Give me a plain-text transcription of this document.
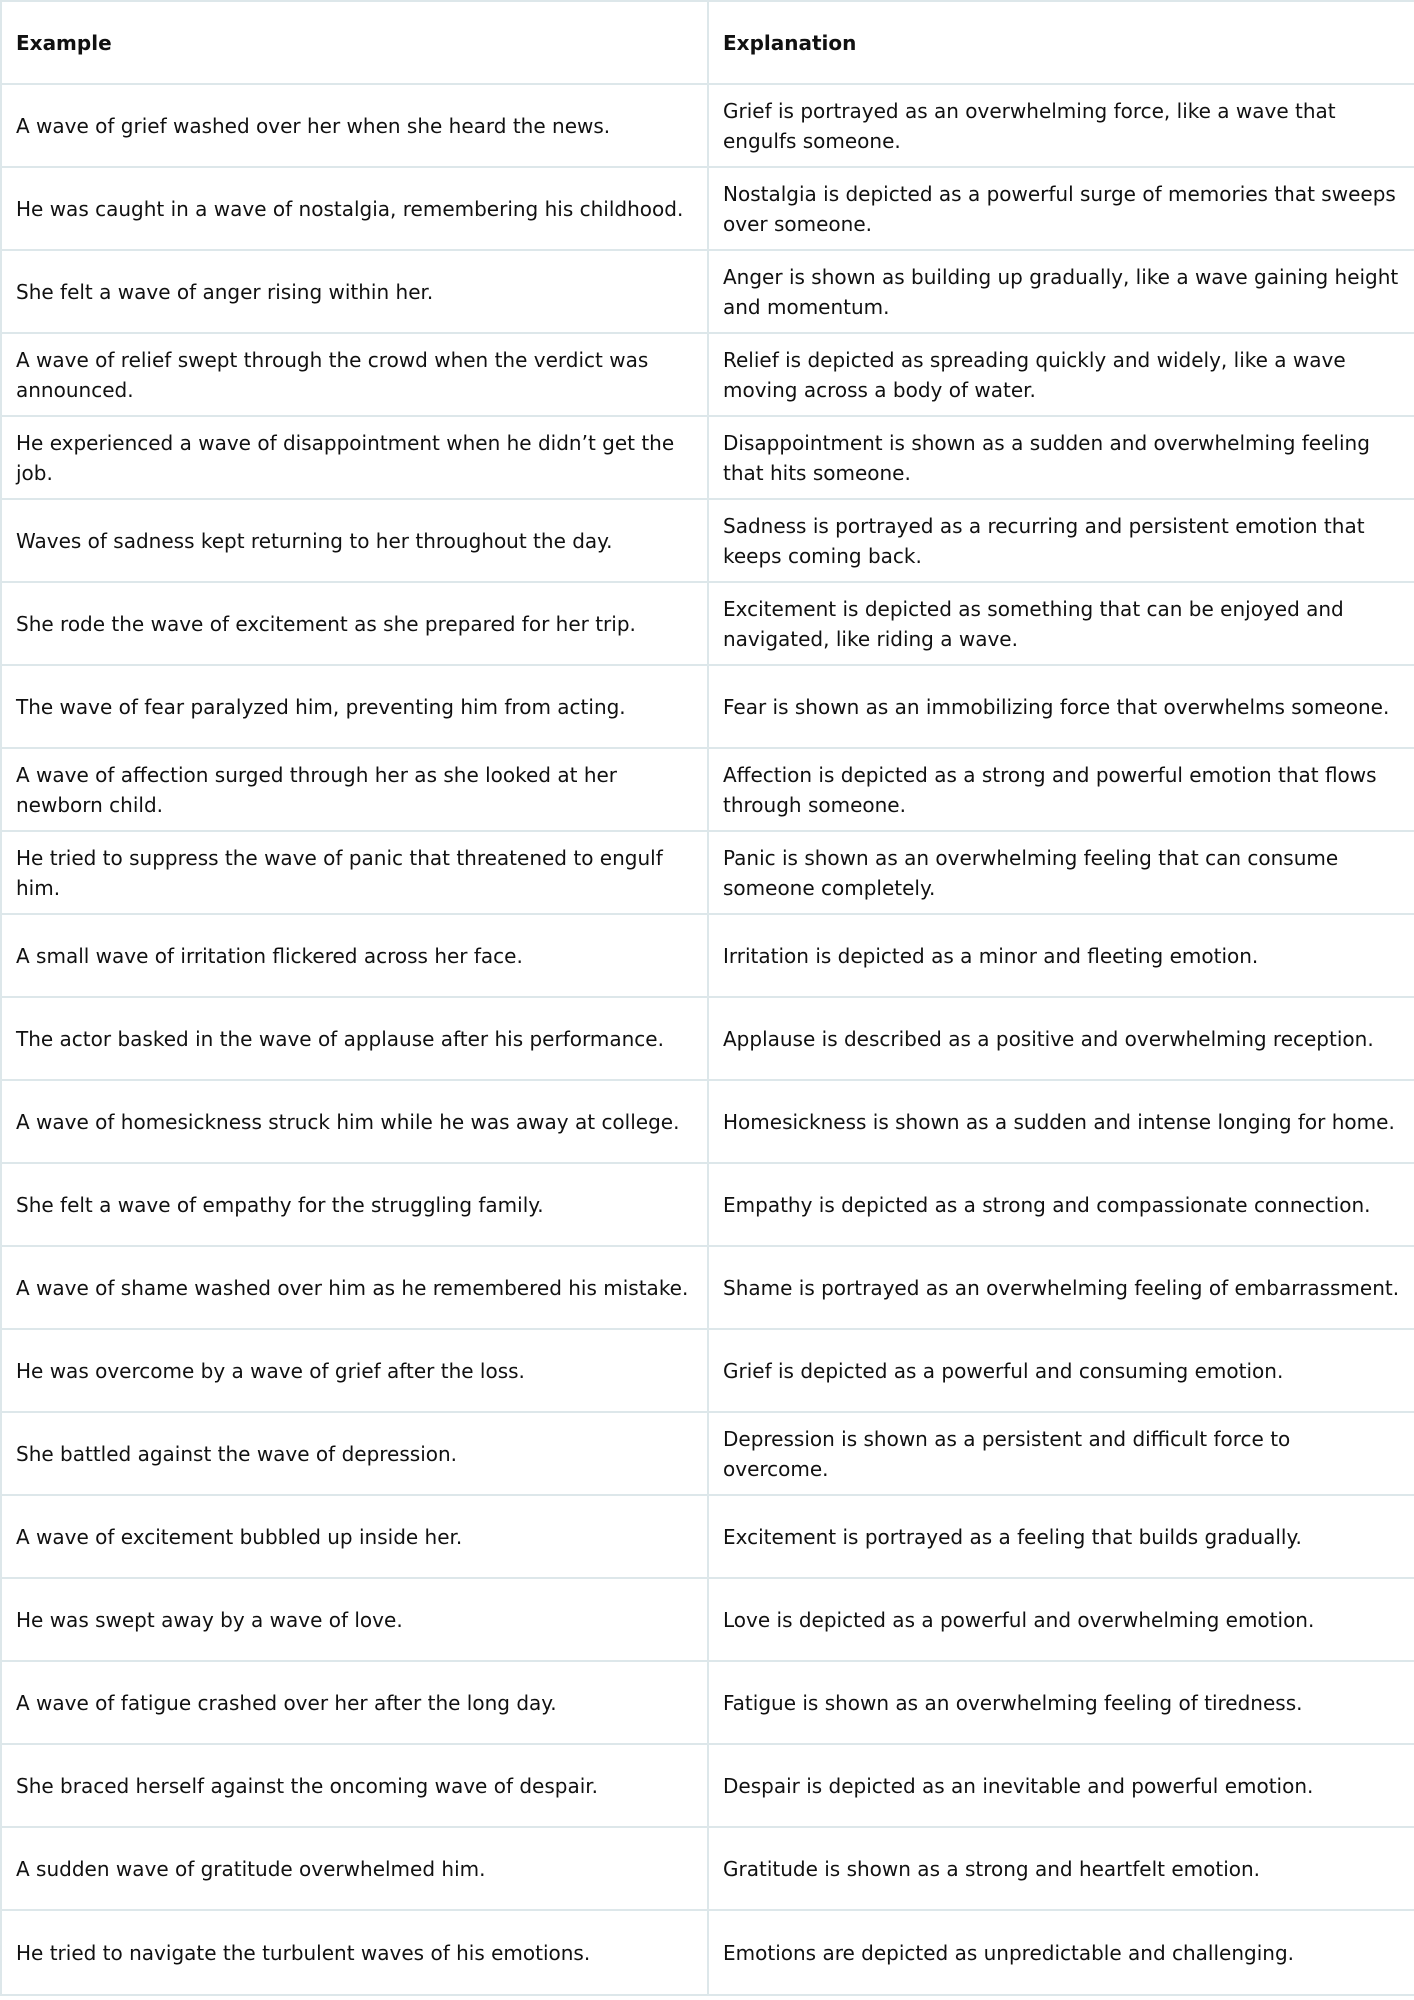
Example	Explanation
A wave of grief washed over her when she heard the news.	Grief is portrayed as an overwhelming force, like a wave that engulfs someone.
He was caught in a wave of nostalgia, remembering his childhood.	Nostalgia is depicted as a powerful surge of memories that sweeps over someone.
She felt a wave of anger rising within her.	Anger is shown as building up gradually, like a wave gaining height and momentum.
A wave of relief swept through the crowd when the verdict was announced.	Relief is depicted as spreading quickly and widely, like a wave moving across a body of water.
He experienced a wave of disappointment when he didn’t get the job.	Disappointment is shown as a sudden and overwhelming feeling that hits someone.
Waves of sadness kept returning to her throughout the day.	Sadness is portrayed as a recurring and persistent emotion that keeps coming back.
She rode the wave of excitement as she prepared for her trip.	Excitement is depicted as something that can be enjoyed and navigated, like riding a wave.
The wave of fear paralyzed him, preventing him from acting.	Fear is shown as an immobilizing force that overwhelms someone.
A wave of affection surged through her as she looked at her newborn child.	Affection is depicted as a strong and powerful emotion that flows through someone.
He tried to suppress the wave of panic that threatened to engulf him.	Panic is shown as an overwhelming feeling that can consume someone completely.
A small wave of irritation flickered across her face.	Irritation is depicted as a minor and fleeting emotion.
The actor basked in the wave of applause after his performance.	Applause is described as a positive and overwhelming reception.
A wave of homesickness struck him while he was away at college.	Homesickness is shown as a sudden and intense longing for home.
She felt a wave of empathy for the struggling family.	Empathy is depicted as a strong and compassionate connection.
A wave of shame washed over him as he remembered his mistake.	Shame is portrayed as an overwhelming feeling of embarrassment.
He was overcome by a wave of grief after the loss.	Grief is depicted as a powerful and consuming emotion.
She battled against the wave of depression.	Depression is shown as a persistent and difficult force to overcome.
A wave of excitement bubbled up inside her.	Excitement is portrayed as a feeling that builds gradually.
He was swept away by a wave of love.	Love is depicted as a powerful and overwhelming emotion.
A wave of fatigue crashed over her after the long day.	Fatigue is shown as an overwhelming feeling of tiredness.
She braced herself against the oncoming wave of despair.	Despair is depicted as an inevitable and powerful emotion.
A sudden wave of gratitude overwhelmed him.	Gratitude is shown as a strong and heartfelt emotion.
He tried to navigate the turbulent waves of his emotions.	Emotions are depicted as unpredictable and challenging.
